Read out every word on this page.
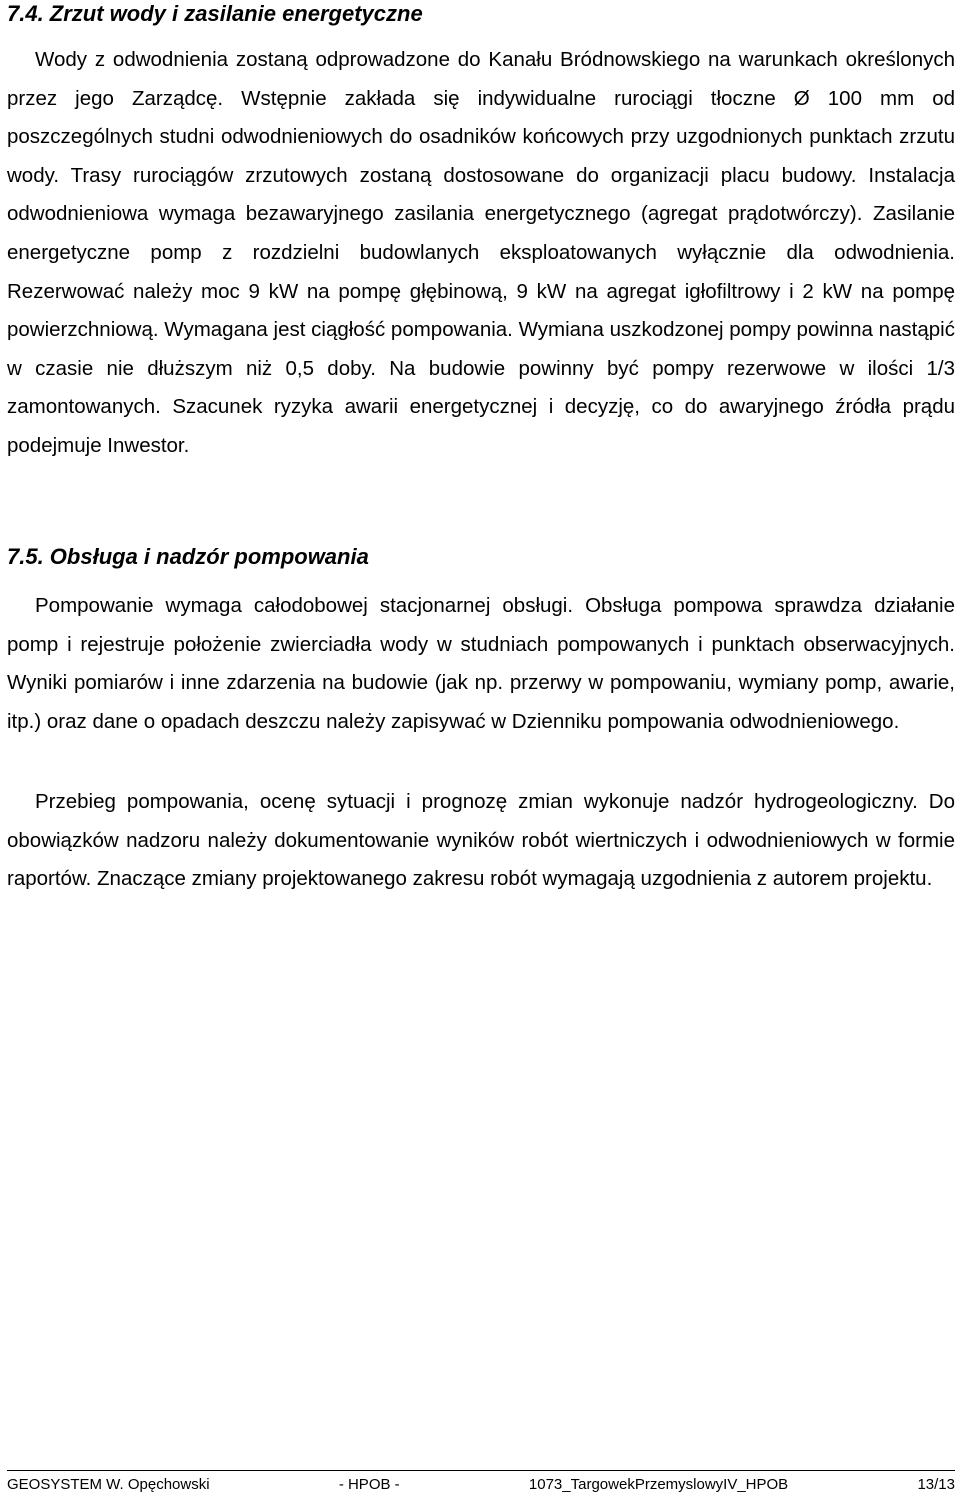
7.4. Zrzut wody i zasilanie energetyczne

Wody z odwodnienia zostaną odprowadzone do Kanału Bródnowskiego na warunkach określonych przez jego Zarządcę. Wstępnie zakłada się indywidualne rurociągi tłoczne Ø 100 mm od poszczególnych studni odwodnieniowych do osadników końcowych przy uzgodnionych punktach zrzutu wody. Trasy rurociągów zrzutowych zostaną dostosowane do organizacji placu budowy. Instalacja odwodnieniowa wymaga bezawaryjnego zasilania energetycznego (agregat prądotwórczy). Zasilanie energetyczne pomp z rozdzielni budowlanych eksploatowanych wyłącznie dla odwodnienia. Rezerwować należy moc 9 kW na pompę głębinową, 9 kW na agregat igłofiltrowy i 2 kW na pompę powierzchniową. Wymagana jest ciągłość pompowania. Wymiana uszkodzonej pompy powinna nastąpić w czasie nie dłuższym niż 0,5 doby. Na budowie powinny być pompy rezerwowe w ilości 1/3 zamontowanych. Szacunek ryzyka awarii energetycznej i decyzję, co do awaryjnego źródła prądu podejmuje Inwestor.

7.5. Obsługa i nadzór pompowania

Pompowanie wymaga całodobowej stacjonarnej obsługi. Obsługa pompowa sprawdza działanie pomp i rejestruje położenie zwierciadła wody w studniach pompowanych i punktach obserwacyjnych. Wyniki pomiarów i inne zdarzenia na budowie (jak np. przerwy w pompowaniu, wymiany pomp, awarie, itp.) oraz dane o opadach deszczu należy zapisywać w Dzienniku pompowania odwodnieniowego.

Przebieg pompowania, ocenę sytuacji i prognozę zmian wykonuje nadzór hydrogeologiczny. Do obowiązków nadzoru należy dokumentowanie wyników robót wiertniczych i odwodnieniowych w formie raportów. Znaczące zmiany projektowanego zakresu robót wymagają uzgodnienia z autorem projektu.

GEOSYSTEM W. Opęchowski	- HPOB -	1073_TargowekPrzemyslowyIV_HPOB	13/13
